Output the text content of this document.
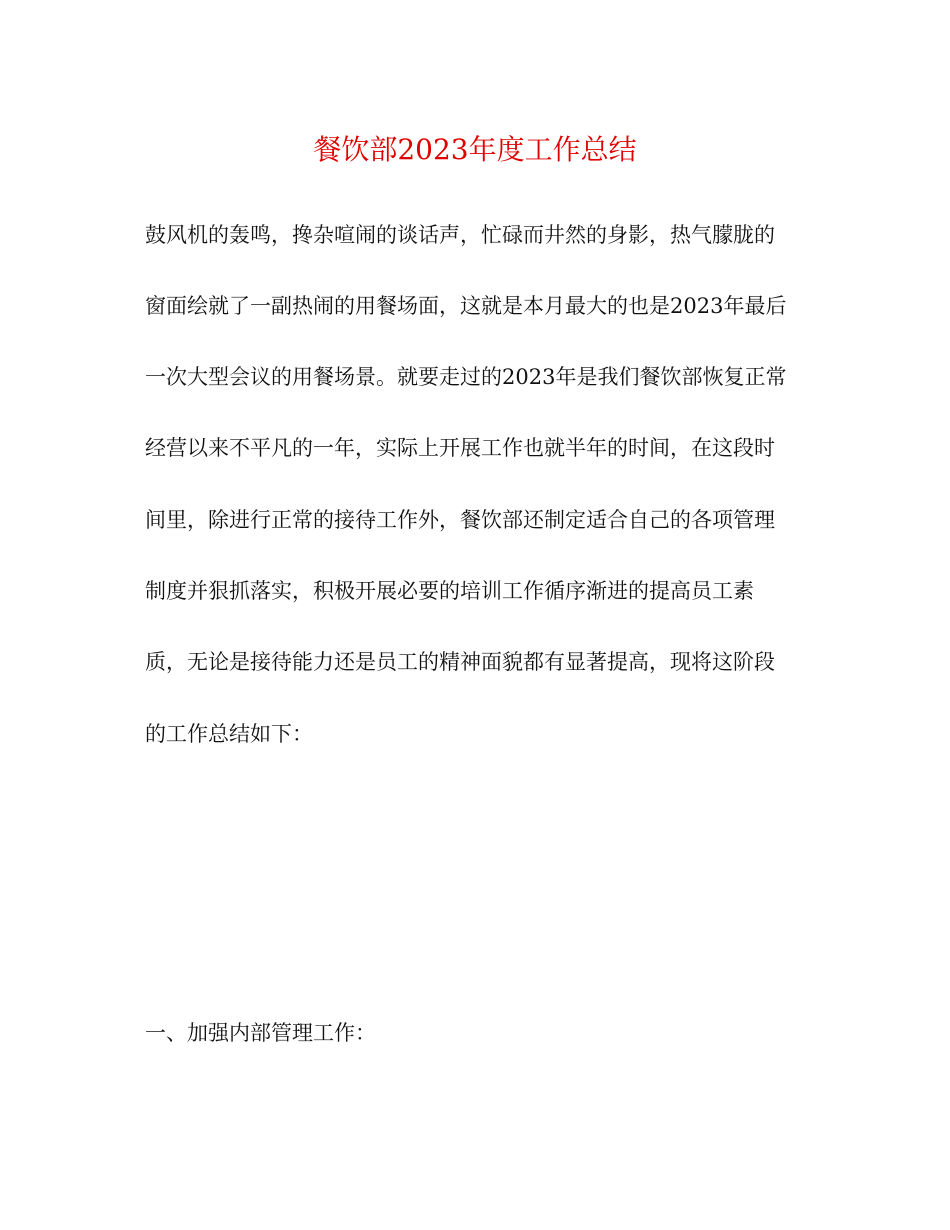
餐饮部2023年度工作总结

鼓风机的轰鸣，搀杂喧闹的谈话声，忙碌而井然的身影，热气朦胧的

窗面绘就了一副热闹的用餐场面，这就是本月最大的也是2023年最后

一次大型会议的用餐场景。就要走过的2023年是我们餐饮部恢复正常

经营以来不平凡的一年，实际上开展工作也就半年的时间，在这段时

间里，除进行正常的接待工作外，餐饮部还制定适合自己的各项管理

制度并狠抓落实，积极开展必要的培训工作循序渐进的提高员工素

质，无论是接待能力还是员工的精神面貌都有显著提高，现将这阶段

的工作总结如下：

一、加强内部管理工作：
